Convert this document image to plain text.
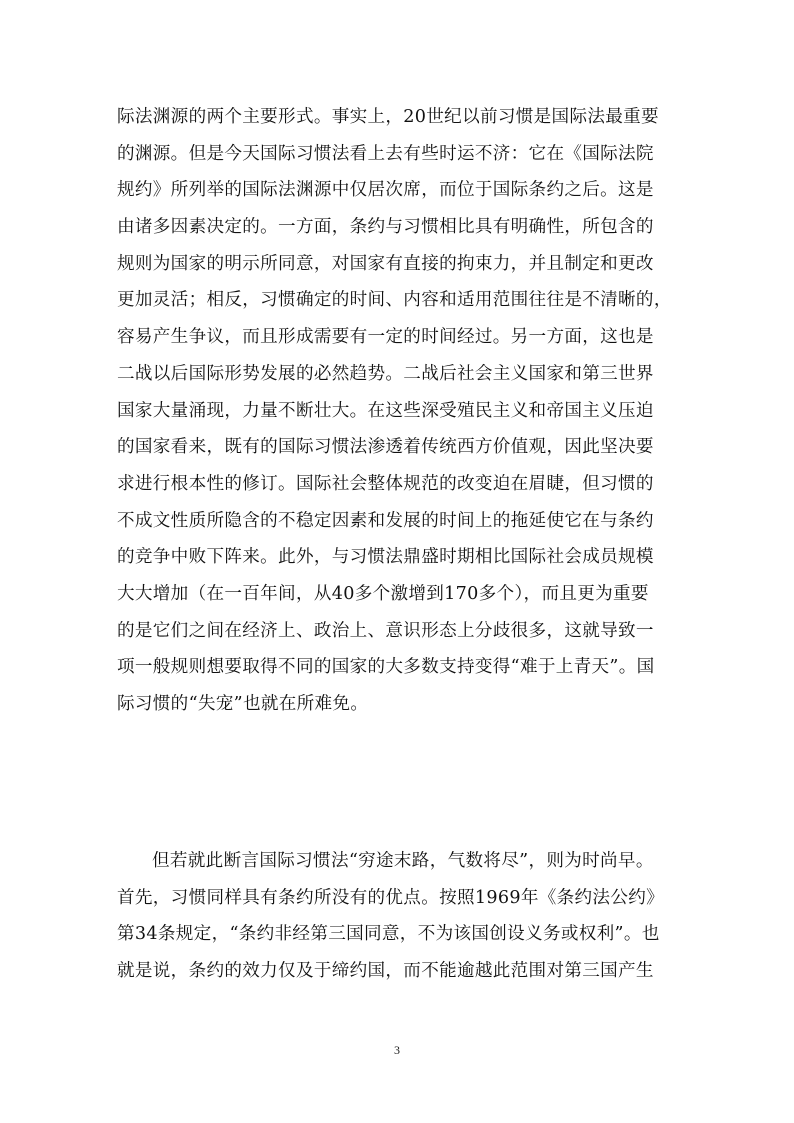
际法渊源的两个主要形式。事实上，20世纪以前习惯是国际法最重要
的渊源。但是今天国际习惯法看上去有些时运不济：它在《国际法院
规约》所列举的国际法渊源中仅居次席，而位于国际条约之后。这是
由诸多因素决定的。一方面，条约与习惯相比具有明确性，所包含的
规则为国家的明示所同意，对国家有直接的拘束力，并且制定和更改
更加灵活；相反，习惯确定的时间、内容和适用范围往往是不清晰的，
容易产生争议，而且形成需要有一定的时间经过。另一方面，这也是
二战以后国际形势发展的必然趋势。二战后社会主义国家和第三世界
国家大量涌现，力量不断壮大。在这些深受殖民主义和帝国主义压迫
的国家看来，既有的国际习惯法渗透着传统西方价值观，因此坚决要
求进行根本性的修订。国际社会整体规范的改变迫在眉睫，但习惯的
不成文性质所隐含的不稳定因素和发展的时间上的拖延使它在与条约
的竞争中败下阵来。此外，与习惯法鼎盛时期相比国际社会成员规模
大大增加（在一百年间，从40多个激增到170多个），而且更为重要
的是它们之间在经济上、政治上、意识形态上分歧很多，这就导致一
项一般规则想要取得不同的国家的大多数支持变得“难于上青天”。国
际习惯的“失宠”也就在所难免。
但若就此断言国际习惯法“穷途末路，气数将尽”，则为时尚早。
首先，习惯同样具有条约所没有的优点。按照1969年《条约法公约》
第34条规定，“条约非经第三国同意，不为该国创设义务或权利”。也
就是说，条约的效力仅及于缔约国，而不能逾越此范围对第三国产生
3
